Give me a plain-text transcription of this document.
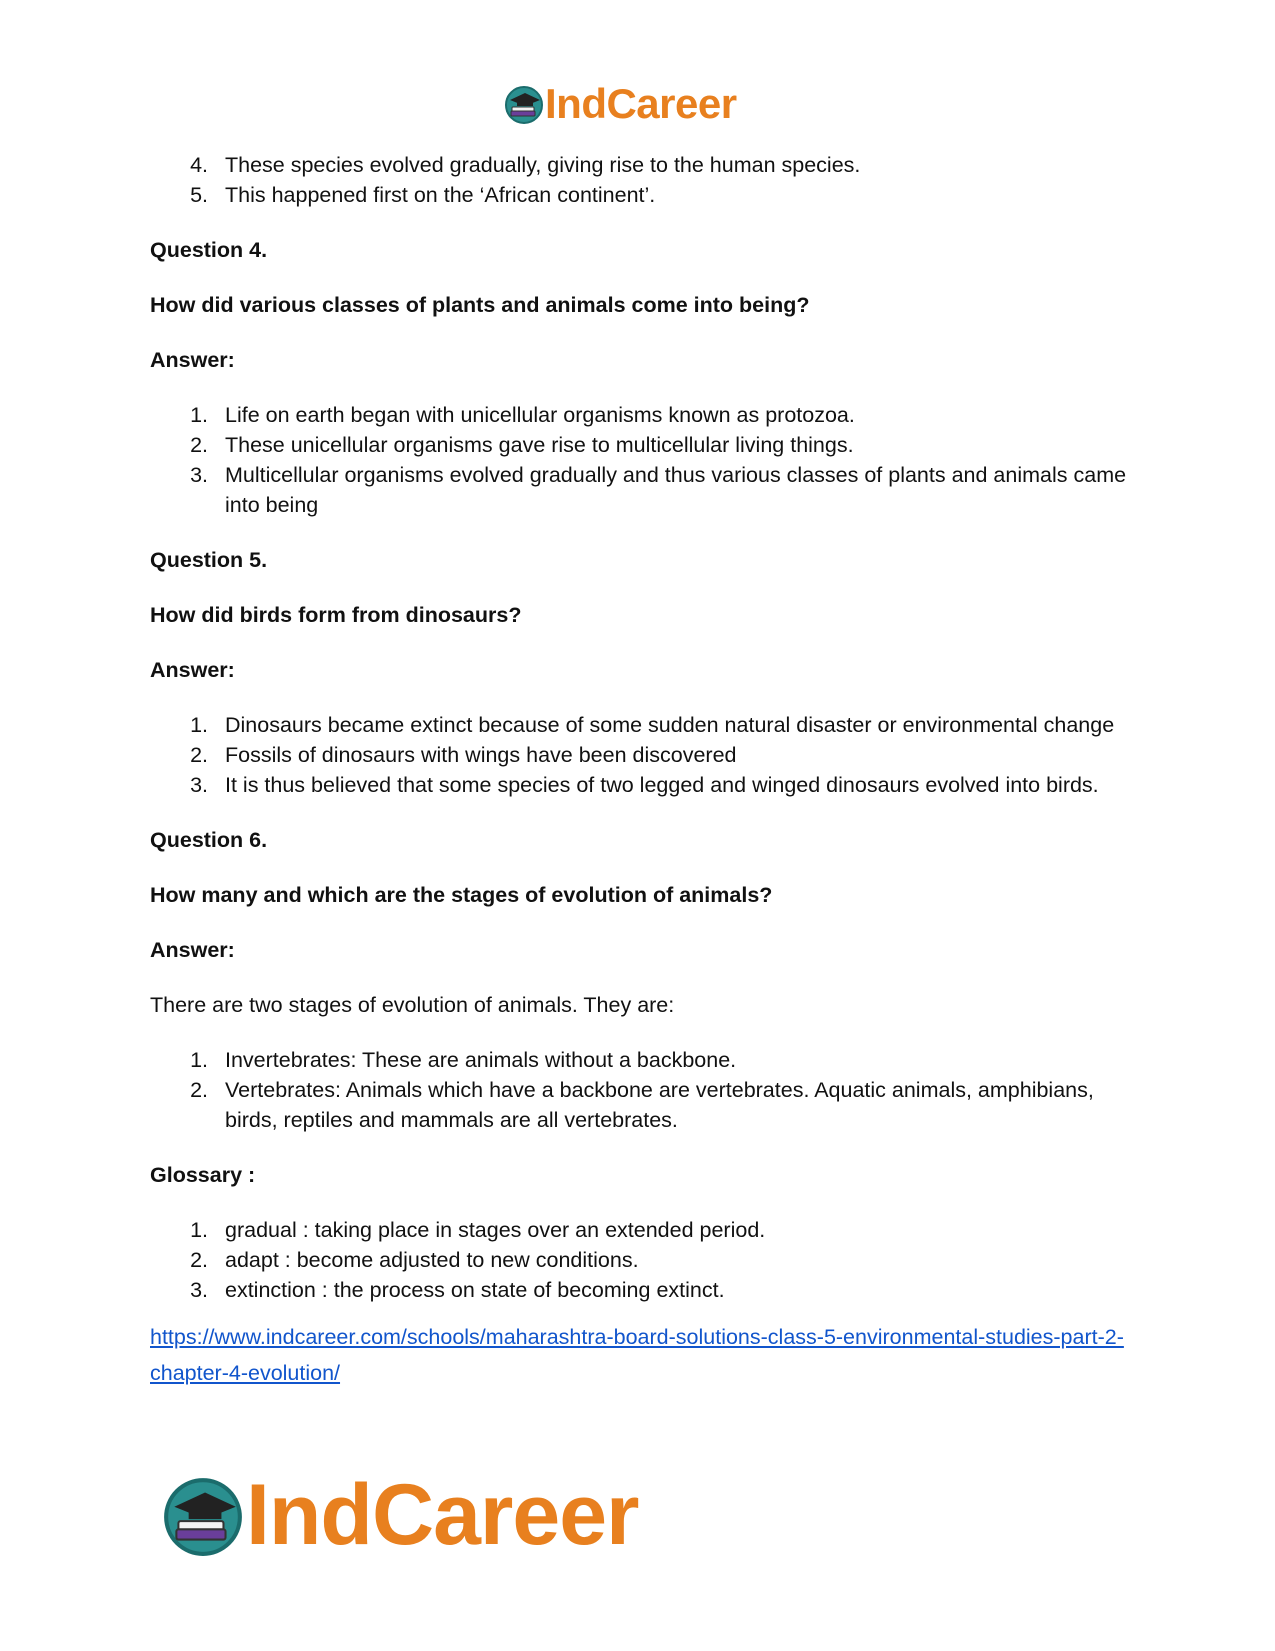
IndCareer
4. These species evolved gradually, giving rise to the human species.
5. This happened first on the ‘African continent’.

Question 4.

How did various classes of plants and animals come into being?

Answer:

1. Life on earth began with unicellular organisms known as protozoa.
2. These unicellular organisms gave rise to multicellular living things.
3. Multicellular organisms evolved gradually and thus various classes of plants and animals came into being

Question 5.

How did birds form from dinosaurs?

Answer:

1. Dinosaurs became extinct because of some sudden natural disaster or environmental change
2. Fossils of dinosaurs with wings have been discovered
3. It is thus believed that some species of two legged and winged dinosaurs evolved into birds.

Question 6.

How many and which are the stages of evolution of animals?

Answer:

There are two stages of evolution of animals. They are:

1. Invertebrates: These are animals without a backbone.
2. Vertebrates: Animals which have a backbone are vertebrates. Aquatic animals, amphibians, birds, reptiles and mammals are all vertebrates.

Glossary :

1. gradual : taking place in stages over an extended period.
2. adapt : become adjusted to new conditions.
3. extinction : the process on state of becoming extinct.
https://www.indcareer.com/schools/maharashtra-board-solutions-class-5-environmental-studies-part-2-chapter-4-evolution/
IndCareer
